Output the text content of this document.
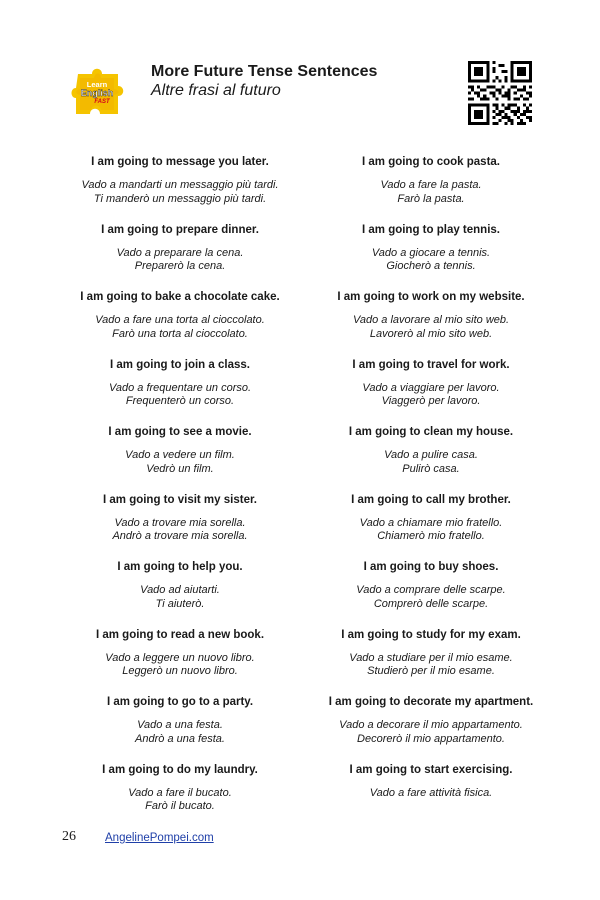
Learn
English
FAST
More Future Tense Sentences
Altre frasi al futuro
I am going to message you later.
Vado a mandarti un messaggio più tardi.
Ti manderò un messaggio più tardi.
I am going to prepare dinner.
Vado a preparare la cena.
Preparerò la cena.
I am going to bake a chocolate cake.
Vado a fare una torta al cioccolato.
Farò una torta al cioccolato.
I am going to join a class.
Vado a frequentare un corso.
Frequenterò un corso.
I am going to see a movie.
Vado a vedere un film.
Vedrò un film.
I am going to visit my sister.
Vado a trovare mia sorella.
Andrò a trovare mia sorella.
I am going to help you.
Vado ad aiutarti.
Ti aiuterò.
I am going to read a new book.
Vado a leggere un nuovo libro.
Leggerò un nuovo libro.
I am going to go to a party.
Vado a una festa.
Andrò a una festa.
I am going to do my laundry.
Vado a fare il bucato.
Farò il bucato.
I am going to cook pasta.
Vado a fare la pasta.
Farò la pasta.
I am going to play tennis.
Vado a giocare a tennis.
Giocherò a tennis.
I am going to work on my website.
Vado a lavorare al mio sito web.
Lavorerò al mio sito web.
I am going to travel for work.
Vado a viaggiare per lavoro.
Viaggerò per lavoro.
I am going to clean my house.
Vado a pulire casa.
Pulirò casa.
I am going to call my brother.
Vado a chiamare mio fratello.
Chiamerò mio fratello.
I am going to buy shoes.
Vado a comprare delle scarpe.
Comprerò delle scarpe.
I am going to study for my exam.
Vado a studiare per il mio esame.
Studierò per il mio esame.
I am going to decorate my apartment.
Vado a decorare il mio appartamento.
Decorerò il mio appartamento.
I am going to start exercising.
Vado a fare attività fisica.
26	AngelinePompei.com
